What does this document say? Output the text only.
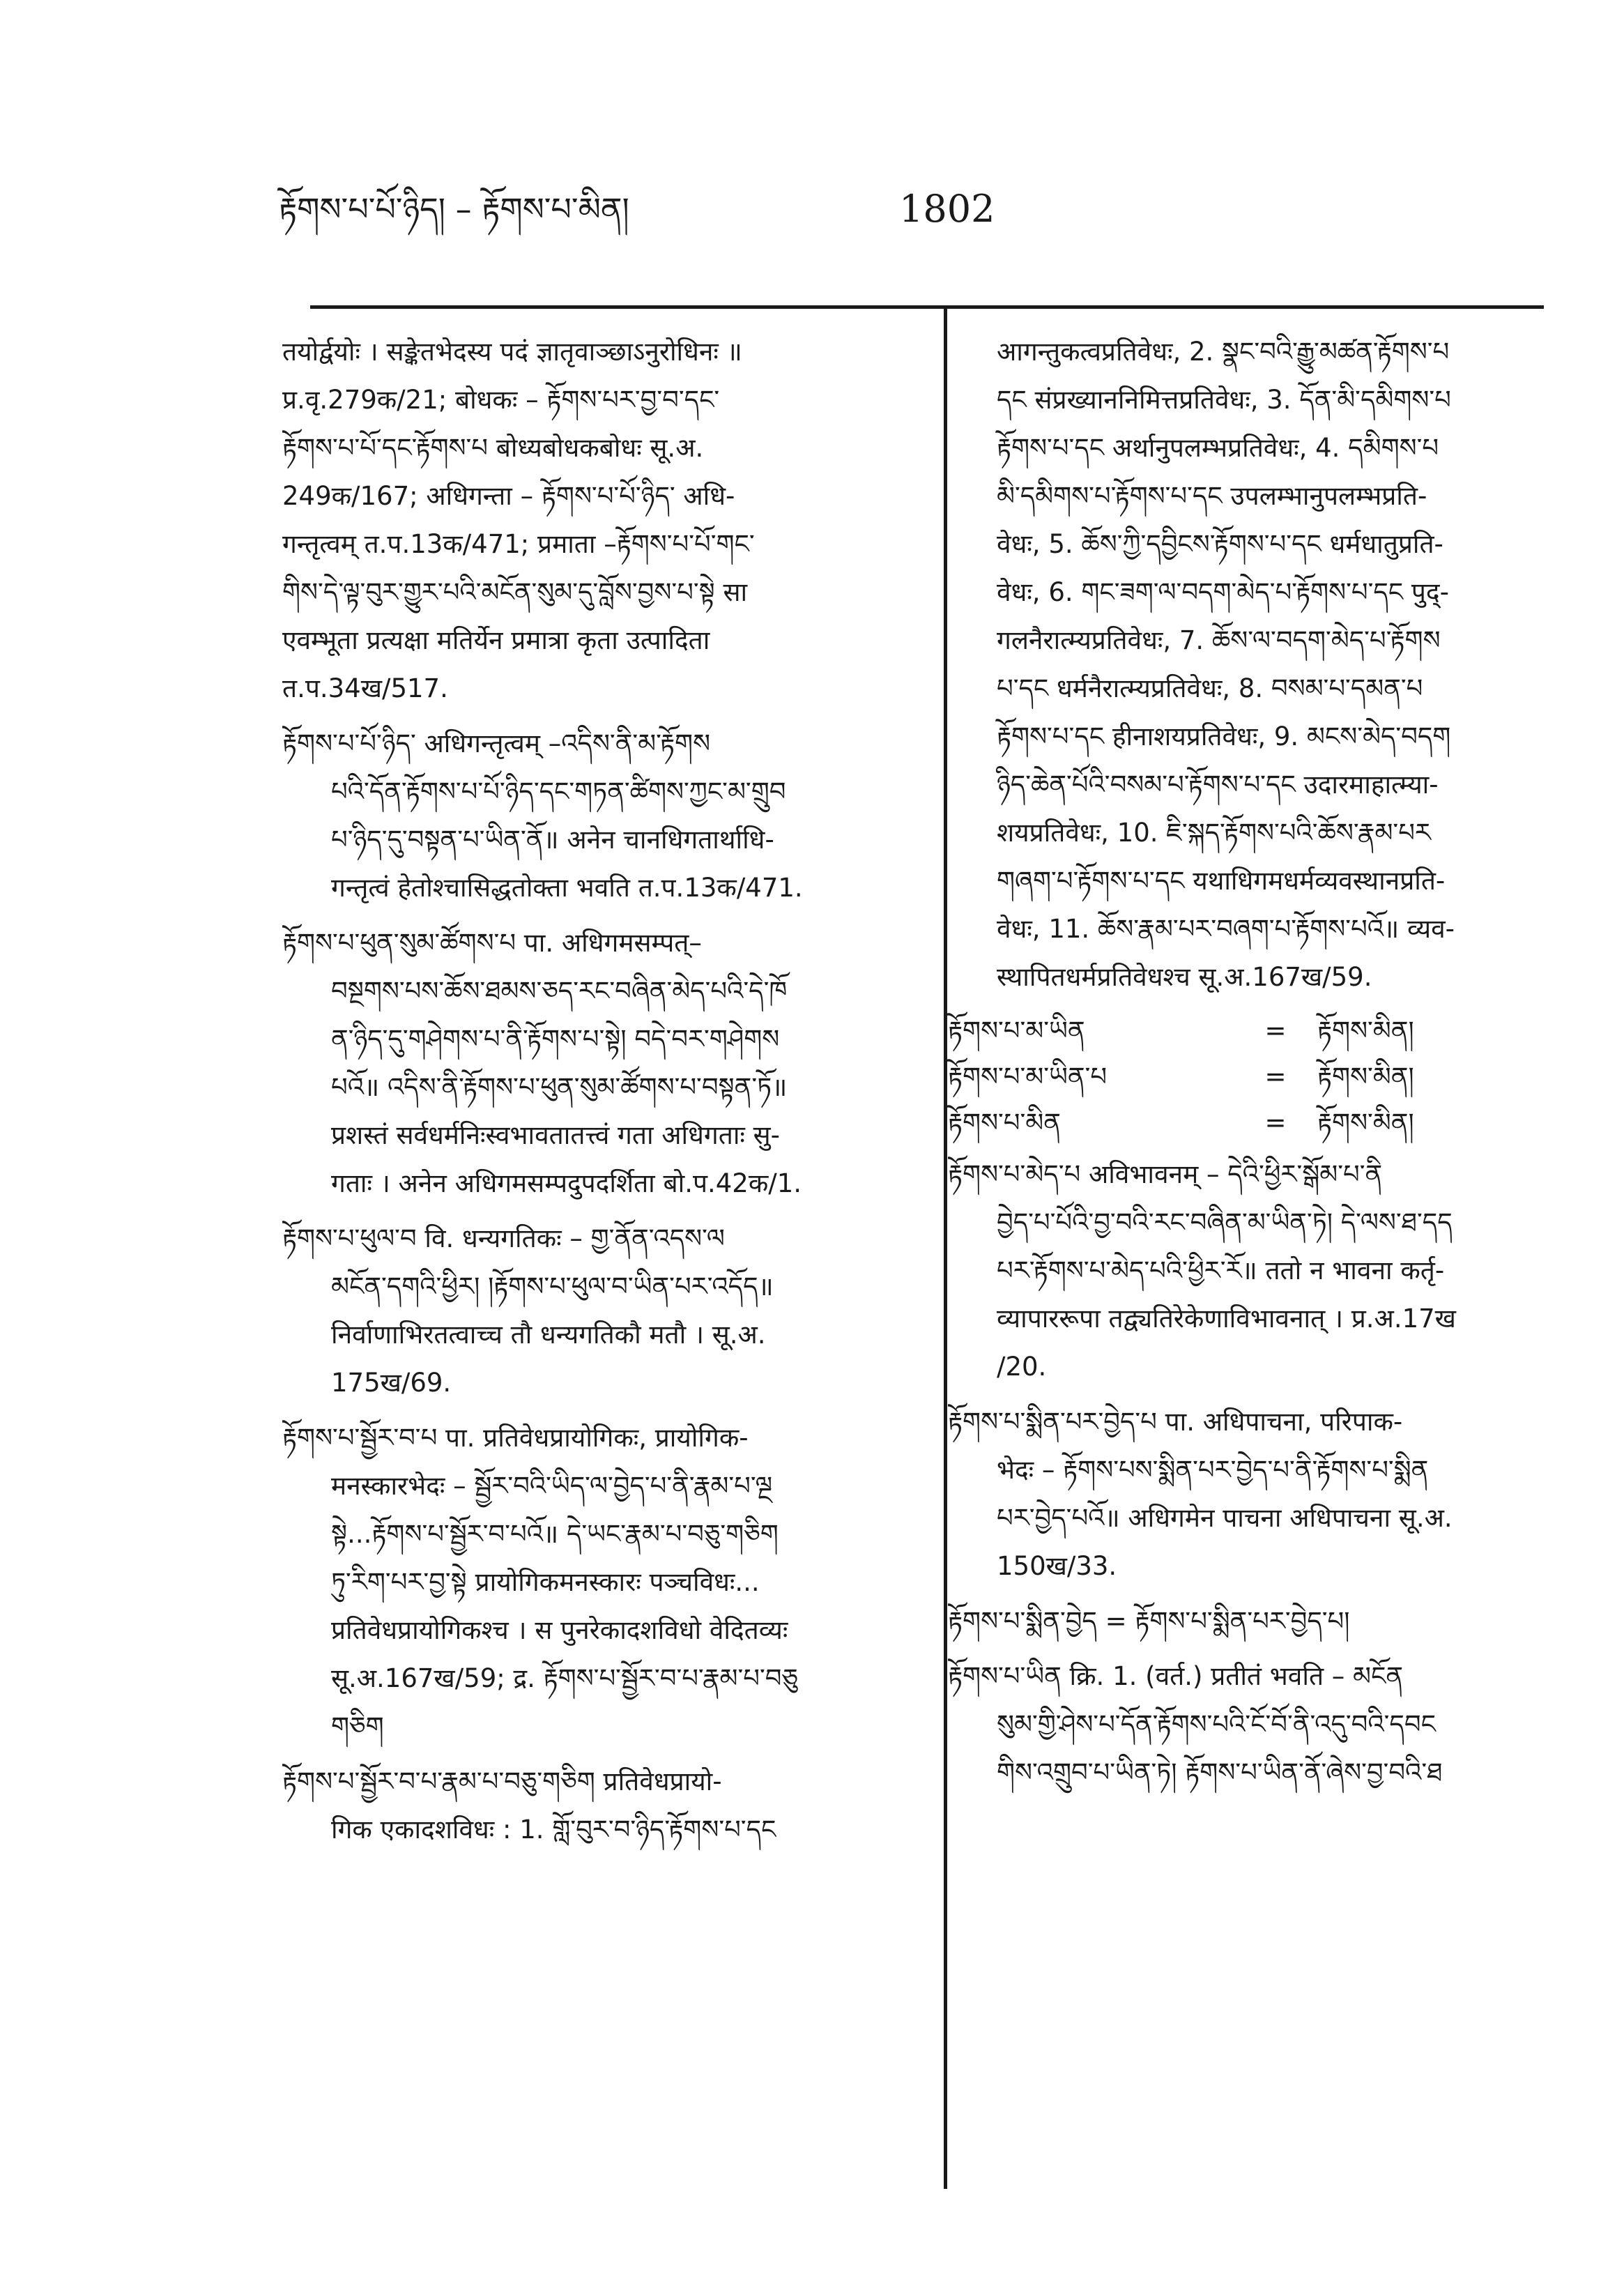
རྟོགས་པ་པོ་ཉིད། – རྟོགས་པ་མིན།	1802
तयोर्द्वयोः । सङ्केतभेदस्य पदं ज्ञातृवाञ्छाऽनुरोधिनः ॥
प्र.वृ.279क/21; बोधकः – རྟོགས་པར་བྱ་བ་དང་
རྟོགས་པ་པོ་དང་རྟོགས་པ बोध्यबोधकबोधः सू.अ.
249क/167; अधिगन्ता – རྟོགས་པ་པོ་ཉིད་ अधि-
गन्तृत्वम् त.प.13क/471; प्रमाता –རྟོགས་པ་པོ་གང་
གིས་དེ་ལྟ་བུར་གྱུར་པའི་མངོན་སུམ་དུ་བློས་བྱས་པ་སྟེ सा
एवम्भूता प्रत्यक्षा मतिर्येन प्रमात्रा कृता उत्पादिता
त.प.34ख/517.
རྟོགས་པ་པོ་ཉིད་ अधिगन्तृत्वम् –འདིས་ནི་མ་རྟོགས
པའི་དོན་རྟོགས་པ་པོ་ཉིད་དང་གཏན་ཚིགས་ཀྱང་མ་གྲུབ
པ་ཉིད་དུ་བསྟན་པ་ཡིན་ནོ॥ अनेन चानधिगतार्थाधि-
गन्तृत्वं हेतोश्चासिद्धतोक्ता भवति त.प.13क/471.
རྟོགས་པ་ཕུན་སུམ་ཚོགས་པ पा. अधिगमसम्पत्–
བསྔགས་པས་ཆོས་ཐམས་ཅད་རང་བཞིན་མེད་པའི་དེ་ཁོ
ན་ཉིད་དུ་གཤེགས་པ་ནི་རྟོགས་པ་སྟེ། བདེ་བར་གཤེགས
པའོ॥ འདིས་ནི་རྟོགས་པ་ཕུན་སུམ་ཚོགས་པ་བསྟན་ཏོ॥
प्रशस्तं सर्वधर्मनिःस्वभावतातत्त्वं गता अधिगताः सु-
गताः । अनेन अधिगमसम्पदुपदर्शिता बो.प.42क/1.
རྟོགས་པ་ཕུལ་བ वि. धन्यगतिकः – གྱ་ནོན་འདས་ལ
མངོན་དགའི་ཕྱིར། །རྟོགས་པ་ཕུལ་བ་ཡིན་པར་འདོད॥
निर्वाणाभिरतत्वाच्च तौ धन्यगतिकौ मतौ । सू.अ.
175ख/69.
རྟོགས་པ་སྦྱོར་བ་པ पा. प्रतिवेधप्रायोगिकः, प्रायोगिक-
मनस्कारभेदः – སྦྱོར་བའི་ཡིད་ལ་བྱེད་པ་ནི་རྣམ་པ་ལྔ
སྟེ...རྟོགས་པ་སྦྱོར་བ་པའོ॥ དེ་ཡང་རྣམ་པ་བཅུ་གཅིག
ཏུ་རིག་པར་བྱ་སྟེ प्रायोगिकमनस्कारः पञ्चविधः...
प्रतिवेधप्रायोगिकश्च । स पुनरेकादशविधो वेदितव्यः
सू.अ.167ख/59; द्र. རྟོགས་པ་སྦྱོར་བ་པ་རྣམ་པ་བཅུ
གཅིག
རྟོགས་པ་སྦྱོར་བ་པ་རྣམ་པ་བཅུ་གཅིག प्रतिवेधप्रायो-
गिक एकादशविधः : 1. གློ་བུར་བ་ཉིད་རྟོགས་པ་དང
आगन्तुकत्वप्रतिवेधः, 2. སྣང་བའི་རྒྱུ་མཚན་རྟོགས་པ
དང संप्रख्याननिमित्तप्रतिवेधः, 3. དོན་མི་དམིགས་པ
རྟོགས་པ་དང अर्थानुपलम्भप्रतिवेधः, 4. དམིགས་པ
མི་དམིགས་པ་རྟོགས་པ་དང उपलम्भानुपलम्भप्रति-
वेधः, 5. ཆོས་ཀྱི་དབྱིངས་རྟོགས་པ་དང धर्मधातुप्रति-
वेधः, 6. གང་ཟག་ལ་བདག་མེད་པ་རྟོགས་པ་དང पुद्-
गलनैरात्म्यप्रतिवेधः, 7. ཆོས་ལ་བདག་མེད་པ་རྟོགས
པ་དང धर्मनैरात्म्यप्रतिवेधः, 8. བསམ་པ་དམན་པ
རྟོགས་པ་དང हीनाशयप्रतिवेधः, 9. མངས་མེད་བདག
ཉིད་ཆེན་པོའི་བསམ་པ་རྟོགས་པ་དང उदारमाहात्म्या-
शयप्रतिवेधः, 10. ཇི་སྐད་རྟོགས་པའི་ཆོས་རྣམ་པར
གཞག་པ་རྟོགས་པ་དང यथाधिगमधर्मव्यवस्थानप्रति-
वेधः, 11. ཆོས་རྣམ་པར་བཞག་པ་རྟོགས་པའོ॥ व्यव-
स्थापितधर्मप्रतिवेधश्च सू.अ.167ख/59.
རྟོགས་པ་མ་ཡིན	=	རྟོགས་མིན།
རྟོགས་པ་མ་ཡིན་པ	=	རྟོགས་མིན།
རྟོགས་པ་མིན	=	རྟོགས་མིན།
རྟོགས་པ་མེད་པ अविभावनम् – དེའི་ཕྱིར་སྒོམ་པ་ནི
བྱེད་པ་པོའི་བྱ་བའི་རང་བཞིན་མ་ཡིན་ཏེ། དེ་ལས་ཐ་དད
པར་རྟོགས་པ་མེད་པའི་ཕྱིར་རོ॥ ततो न भावना कर्तृ-
व्यापाररूपा तद्व्यतिरेकेणाविभावनात् । प्र.अ.17ख
/20.
རྟོགས་པ་སྨིན་པར་བྱེད་པ पा. अधिपाचना, परिपाक-
भेदः – རྟོགས་པས་སྨིན་པར་བྱེད་པ་ནི་རྟོགས་པ་སྨིན
པར་བྱེད་པའོ॥ अधिगमेन पाचना अधिपाचना सू.अ.
150ख/33.
རྟོགས་པ་སྨིན་བྱེད = རྟོགས་པ་སྨིན་པར་བྱེད་པ།
རྟོགས་པ་ཡིན क्रि. 1. (वर्त.) प्रतीतं भवति – མངོན
སུམ་གྱི་ཤེས་པ་དོན་རྟོགས་པའི་ངོ་བོ་ནི་འདུ་བའི་དབང
གིས་འགྲུབ་པ་ཡིན་ཏེ། རྟོགས་པ་ཡིན་ནོ་ཞེས་བྱ་བའི་ཐ
